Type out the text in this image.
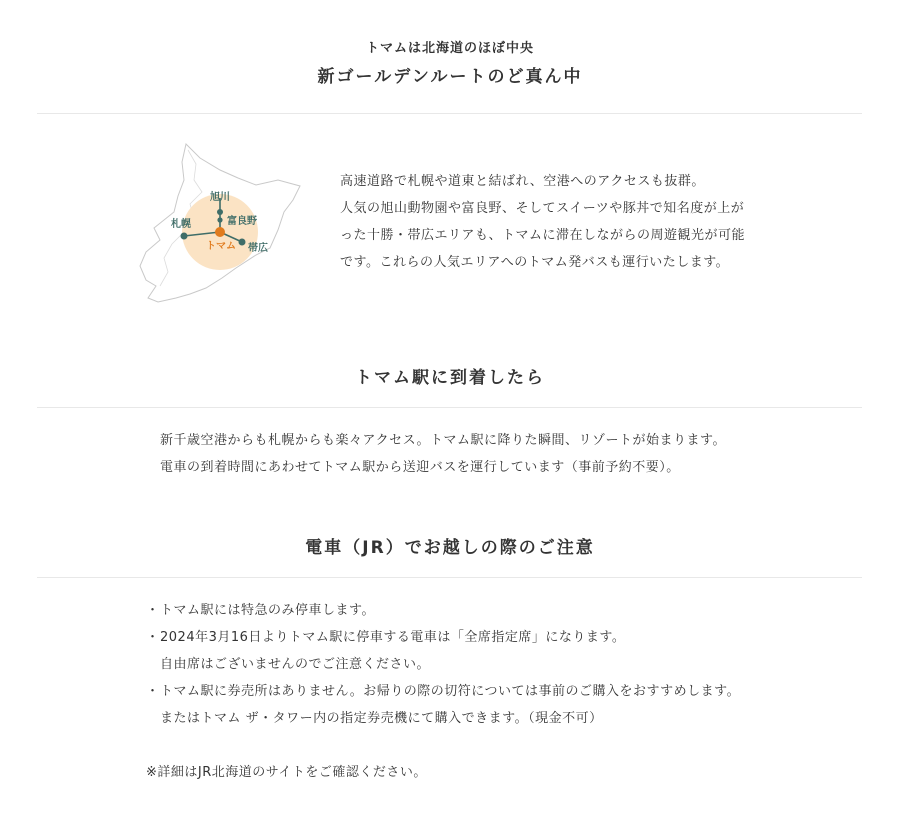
トマムは北海道のほぼ中央
新ゴールデンルートのど真ん中
旭川
札幌	富良野
トマム 帯広
高速道路で札幌や道東と結ばれ、空港へのアクセスも抜群。
人気の旭山動物園や富良野、そしてスイーツや豚丼で知名度が上が
った十勝・帯広エリアも、トマムに滞在しながらの周遊観光が可能
です。これらの人気エリアへのトマム発バスも運行いたします。
トマム駅に到着したら
新千歳空港からも札幌からも楽々アクセス。トマム駅に降りた瞬間、リゾートが始まります。
電車の到着時間にあわせてトマム駅から送迎バスを運行しています（事前予約不要）。
電車（JR）でお越しの際のご注意
・トマム駅には特急のみ停車します。
・2024年3月16日よりトマム駅に停車する電車は「全席指定席」になります。
自由席はございませんのでご注意ください。
・トマム駅に券売所はありません。お帰りの際の切符については事前のご購入をおすすめします。
またはトマム ザ・タワー内の指定券売機にて購入できます。（現金不可）
※詳細はJR北海道のサイトをご確認ください。
